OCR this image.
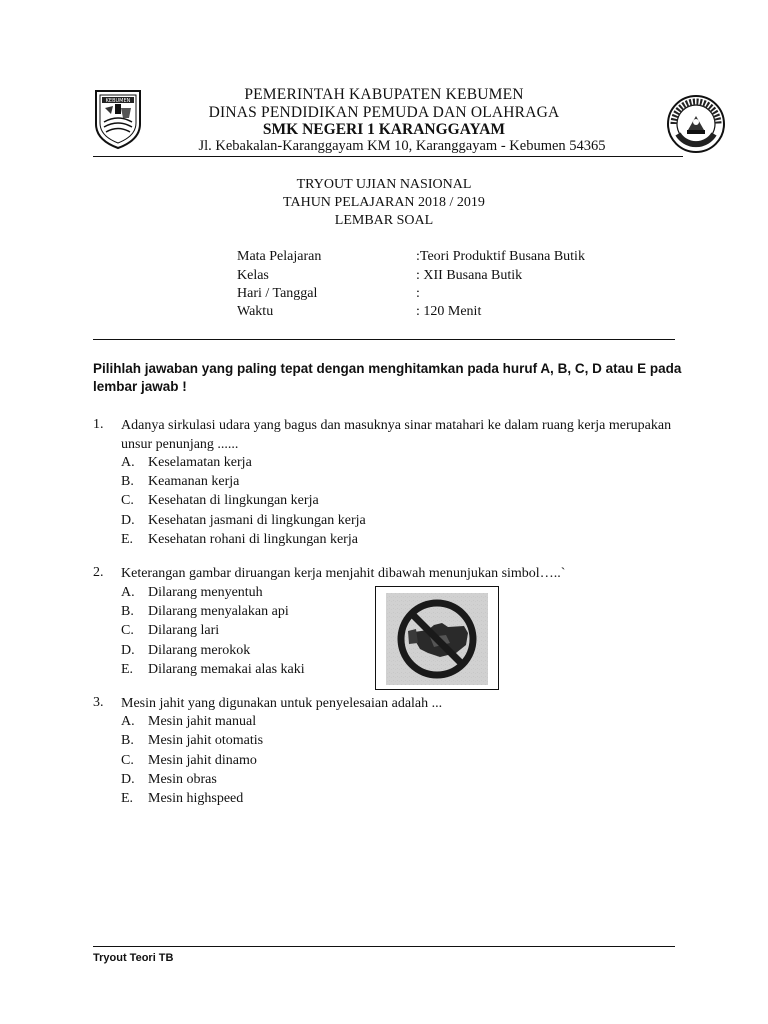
KEBUMEN	PEMERINTAH KABUPATEN KEBUMEN
DINAS PENDIDIKAN PEMUDA DAN OLAHRAGA
SMK NEGERI 1 KARANGGAYAM
Jl. Kebakalan-Karanggayam KM 10, Karanggayam - Kebumen 54365
TRYOUT UJIAN NASIONAL
TAHUN PELAJARAN 2018 / 2019
LEMBAR SOAL
Mata Pelajaran	:Teori Produktif Busana Butik
Kelas	: XII Busana Butik
Hari / Tanggal	:
Waktu	: 120 Menit
Pilihlah jawaban yang paling tepat dengan menghitamkan pada huruf A, B, C, D atau E pada lembar jawab !
1. Adanya sirkulasi udara yang bagus dan masuknya sinar matahari ke dalam ruang kerja merupakan unsur penunjang ......
A. Keselamatan kerja
B. Keamanan kerja
C. Kesehatan di lingkungan kerja
D. Kesehatan jasmani di lingkungan kerja
E. Kesehatan rohani di lingkungan kerja
2. Keterangan gambar diruangan kerja menjahit dibawah menunjukan simbol…..`
A. Dilarang menyentuh
B. Dilarang menyalakan api
C. Dilarang lari
D. Dilarang merokok
E. Dilarang memakai alas kaki
3. Mesin jahit yang digunakan untuk penyelesaian adalah ...
A. Mesin jahit manual
B. Mesin jahit otomatis
C. Mesin jahit dinamo
D. Mesin obras
E. Mesin highspeed
Tryout Teori TB
